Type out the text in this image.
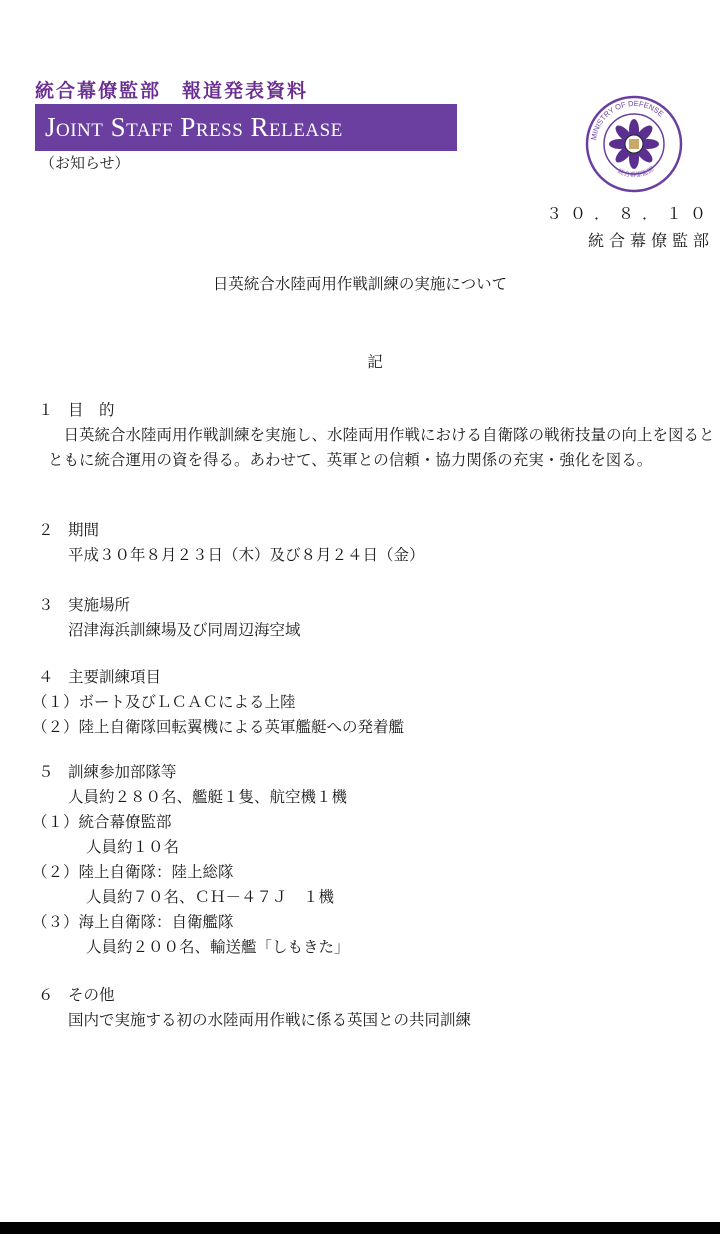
統合幕僚監部　報道発表資料
Joint Staff Press Release
（お知らせ）
MINISTRY OF DEFENSE
統合幕僚監部
３０．８．１０
統合幕僚監部
日英統合水陸両用作戦訓練の実施について
記
１ 目　的
日英統合水陸両用作戦訓練を実施し、水陸両用作戦における自衛隊の戦術技量の向上を図るとともに統合運用の資を得る。あわせて、英軍との信頼・協力関係の充実・強化を図る。
２ 期間
平成３０年８月２３日（木）及び８月２４日（金）
３ 実施場所
沼津海浜訓練場及び同周辺海空域
４ 主要訓練項目
（１）ボート及びＬＣＡＣによる上陸
（２）陸上自衛隊回転翼機による英軍艦艇への発着艦
５ 訓練参加部隊等
人員約２８０名、艦艇１隻、航空機１機
（１）統合幕僚監部
人員約１０名
（２）陸上自衛隊：陸上総隊
人員約７０名、ＣＨ－４７Ｊ　１機
（３）海上自衛隊：自衛艦隊
人員約２００名、輸送艦「しもきた」
６ その他
国内で実施する初の水陸両用作戦に係る英国との共同訓練
